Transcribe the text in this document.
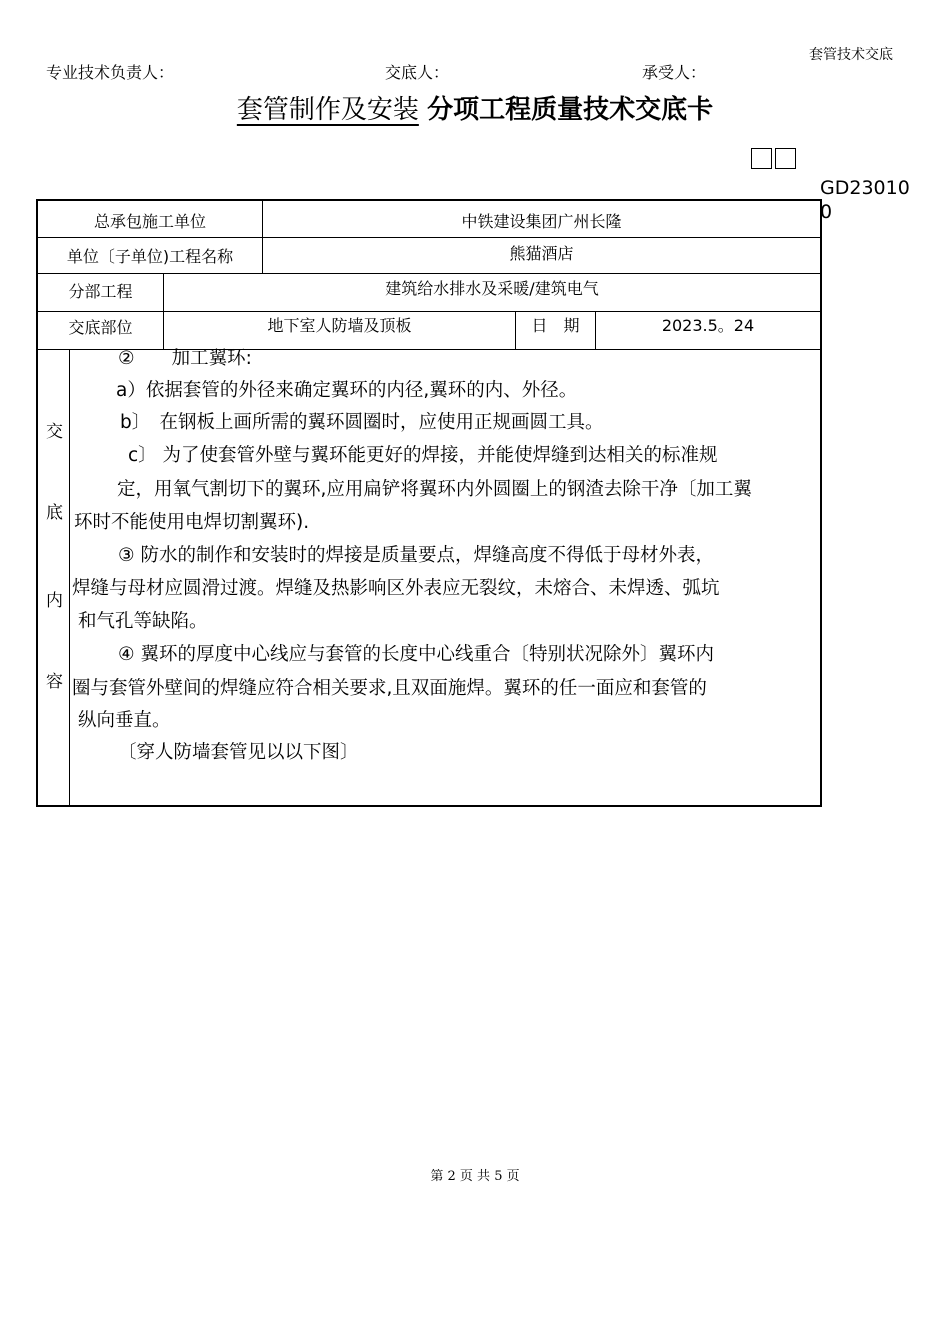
套管技术交底
专业技术负责人：	交底人：	承受人：
套管制作及安装 分项工程质量技术交底卡
GD230100
总承包施工单位	中铁建设集团广州长隆
单位〔子单位)工程名称	熊猫酒店
分部工程	建筑给水排水及采暖/建筑电气
交底部位	地下室人防墙及顶板	日　期	2023.5。24
交
底
内
容
②　　加工翼环:
a）依据套管的外径来确定翼环的内径,翼环的内、外径。
b〕　在钢板上画所需的翼环圆圈时，应使用正规画圆工具。
c〕 为了使套管外壁与翼环能更好的焊接，并能使焊缝到达相关的标准规
定，用氧气割切下的翼环,应用扁铲将翼环内外圆圈上的钢渣去除干净〔加工翼
环时不能使用电焊切割翼环).
③ 防水的制作和安装时的焊接是质量要点，焊缝高度不得低于母材外表，
焊缝与母材应圆滑过渡。焊缝及热影响区外表应无裂纹，未熔合、未焊透、弧坑
和气孔等缺陷。
④ 翼环的厚度中心线应与套管的长度中心线重合〔特别状况除外〕翼环内
圈与套管外壁间的焊缝应符合相关要求,且双面施焊。翼环的任一面应和套管的
纵向垂直。
〔穿人防墙套管见以以下图〕
第 2 页 共 5 页
